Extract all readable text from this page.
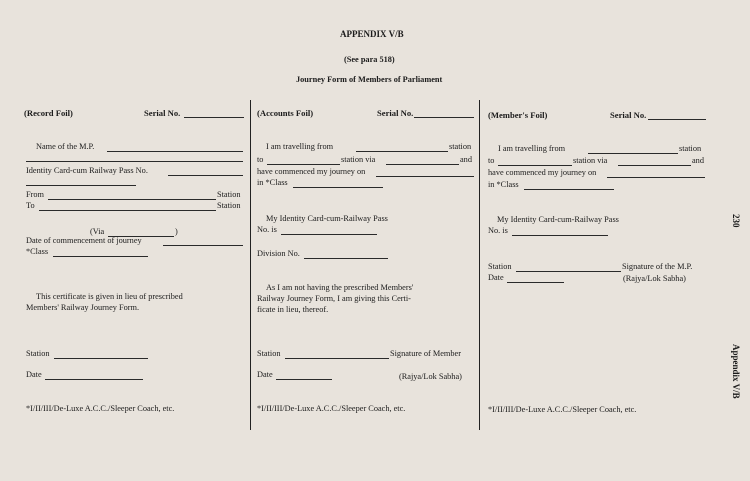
APPENDIX V/B
(See para 518)
Journey Form of Members of Parliament
(Record Foil)	Serial No.
Name of the M.P.
Identity Card-cum Railway Pass No.
From	Station
To	Station
(Via	)
Date of commencement of journey
*Class
This certificate is given in lieu of prescribed
Members' Railway Journey Form.
Station
Date
*I/II/III/De-Luxe A.C.C./Sleeper Coach, etc.
(Accounts Foil)	Serial No.
I am travelling from	station
to	station via	and
have commenced my journey on
in *Class
My Identity Card-cum-Railway Pass
No. is
Division No.
As I am not having the prescribed Members'
Railway Journey Form, I am giving this Certi-
ficate in lieu, thereof.
Station	Signature of Member
Date	(Rajya/Lok Sabha)
*I/II/III/De-Luxe A.C.C./Sleeper Coach, etc.
(Member's Foil)	Serial No.
I am travelling from	station
to	station via	and
have commenced my journey on
in *Class
My Identity Card-cum-Railway Pass
No. is
Station	Signature of the M.P.
Date	(Rajya/Lok Sabha)
*I/II/III/De-Luxe A.C.C./Sleeper Coach, etc.
230
Appendix V/B
